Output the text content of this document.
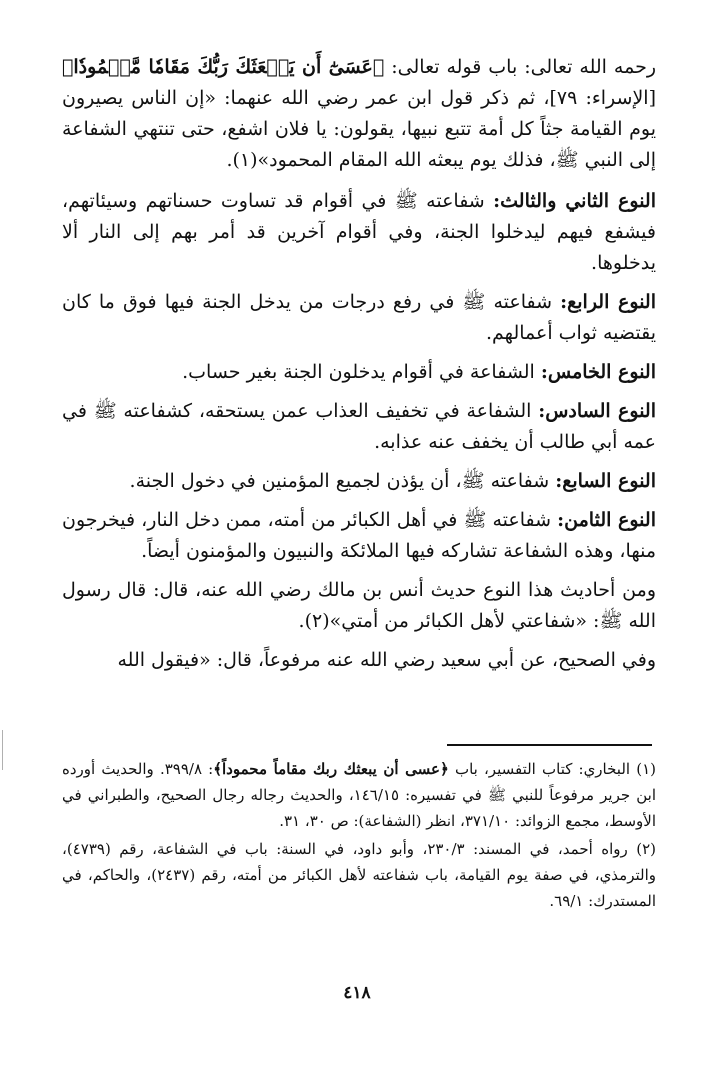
رحمه الله تعالى: باب قوله تعالى: ﴿عَسَىٰٓ أَن يَبۡعَثَكَ رَبُّكَ مَقَامٗا مَّحۡمُودٗا﴾ [الإسراء: ٧٩]، ثم ذكر قول ابن عمر رضي الله عنهما: «إن الناس يصيرون يوم القيامة جثاً كل أمة تتبع نبيها، يقولون: يا فلان اشفع، حتى تنتهي الشفاعة إلى النبي ﷺ، فذلك يوم يبعثه الله المقام المحمود»(١).

النوع الثاني والثالث: شفاعته ﷺ في أقوام قد تساوت حسناتهم وسيئاتهم، فيشفع فيهم ليدخلوا الجنة، وفي أقوام آخرين قد أمر بهم إلى النار ألا يدخلوها.

النوع الرابع: شفاعته ﷺ في رفع درجات من يدخل الجنة فيها فوق ما كان يقتضيه ثواب أعمالهم.

النوع الخامس: الشفاعة في أقوام يدخلون الجنة بغير حساب.

النوع السادس: الشفاعة في تخفيف العذاب عمن يستحقه، كشفاعته ﷺ في عمه أبي طالب أن يخفف عنه عذابه.

النوع السابع: شفاعته ﷺ، أن يؤذن لجميع المؤمنين في دخول الجنة.

النوع الثامن: شفاعته ﷺ في أهل الكبائر من أمته، ممن دخل النار، فيخرجون منها، وهذه الشفاعة تشاركه فيها الملائكة والنبيون والمؤمنون أيضاً.

ومن أحاديث هذا النوع حديث أنس بن مالك رضي الله عنه، قال: قال رسول الله ﷺ: «شفاعتي لأهل الكبائر من أمتي»(٢).

وفي الصحيح، عن أبي سعيد رضي الله عنه مرفوعاً، قال: «فيقول الله

(١) البخاري: كتاب التفسير، باب ﴿عسى أن يبعثك ربك مقاماً محموداً﴾: ٣٩٩/٨. والحديث أورده ابن جرير مرفوعاً للنبي ﷺ في تفسيره: ١٤٦/١٥، والحديث رجاله رجال الصحيح، والطبراني في الأوسط، مجمع الزوائد: ٣٧١/١٠، انظر (الشفاعة): ص ٣٠، ٣١.

(٢) رواه أحمد، في المسند: ٢٣٠/٣، وأبو داود، في السنة: باب في الشفاعة، رقم (٤٧٣٩)، والترمذي، في صفة يوم القيامة، باب شفاعته لأهل الكبائر من أمته، رقم (٢٤٣٧)، والحاكم، في المستدرك: ٦٩/١.

٤١٨
